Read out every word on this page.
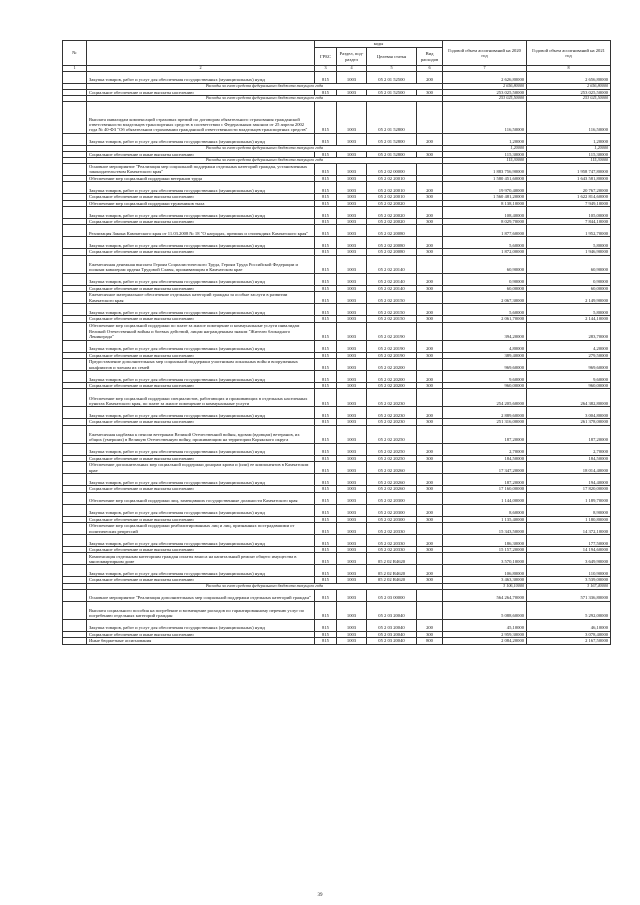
№		коды				Годовой объем ассигнований на 2020 год	Годовой объем ассигнований на 2021 год
		ГРБС	Раздел, под-раздел	Целевая статья	Вид расходов		
1	2	3	4	5	6	7	8
	Закупка товаров, работ и услуг для обеспечения государственных (муниципальных) нужд	815	1003	05 2 01 52500	200	2 626,80000	2 656,80000
	Расходы за счет средств федерального бюджета текущего года					2 656,80000	2 656,80000
	Социальное обеспечение и иные выплаты населению	815	1003	05 2 01 52500	300	253 025,50000	253 025,50000
	Расходы за счет средств федерального бюджета текущего года					253 025,50000	253 025,50000
	Выплата инвалидам компенсаций страховых премий по договорам обязательного страхования гражданской ответственности владельцев транспортных средств в соответствии с Федеральным законом от 25 апреля 2002 года № 40-ФЗ "Об обязательном страховании гражданской ответственности владельцев транспортных средств"	815	1003	05 2 01 52800		116,50000	116,50000
	Закупка товаров, работ и услуг для обеспечения государственных (муниципальных) нужд	815	1003	05 2 01 52800	200	1,20000	1,20000
	Расходы за счет средств федерального бюджета текущего года					1,20000	1,20000
	Социальное обеспечение и иные выплаты населению	815	1003	05 2 01 52800	300	115,30000	115,30000
	Расходы за счет средств федерального бюджета текущего года					115,30000	115,30000
	Основное мероприятие "Реализация мер социальной поддержки отдельных категорий граждан, установленных законодательством Камчатского края"	815	1003	05 2 02 00000		1 883 756,90000	1 958 747,80000
	Обеспечение мер социальной поддержки ветеранов труда	815	1003	05 2 02 20010		1 580 451,60000	1 643 581,80000
	Закупка товаров, работ и услуг для обеспечения государственных (муниципальных) нужд	815	1003	05 2 02 20010	200	19 970,40000	20 767,20000
	Социальное обеспечение и иные выплаты населению	815	1003	05 2 02 20010	300	1 560 481,20000	1 622 814,60000
	Обеспечение мер социальной поддержки тружеников тыла	815	1003	05 2 02 20020		8 138,10000	7 949,10000
	Закупка товаров, работ и услуг для обеспечения государственных (муниципальных) нужд	815	1003	05 2 02 20020	200	108,40000	105,00000
	Социальное обеспечение и иные выплаты населению	815	1003	05 2 02 20020	300	8 029,70000	7 844,10000
	Реализация Закона Камчатского края от 11.03.2008 № 18 "О наградах, премиях и стипендиях Камчатского края"	815	1003	05 2 02 20080		1 877,60000	1 952,70000
	Закупка товаров, работ и услуг для обеспечения государственных (муниципальных) нужд	815	1003	05 2 02 20080	200	5,60000	5,80000
	Социальное обеспечение и иные выплаты населению	815	1003	05 2 02 20080	300	1 872,00000	1 946,90000
	Ежемесячная денежная выплата Героям Социалистического Труда, Героям Труда Российской Федерации и полным кавалерам ордена Трудовой Славы, проживающим в Камчатском крае	815	1003	05 2 02 20140		60,90000	60,90000
	Закупка товаров, работ и услуг для обеспечения государственных (муниципальных) нужд	815	1003	05 2 02 20140	200	0,90000	0,90000
	Социальное обеспечение и иные выплаты населению	815	1003	05 2 02 20140	300	60,00000	60,00000
	Ежемесячное материальное обеспечение отдельных категорий граждан за особые заслуги в развитии Камчатского края	815	1003	05 2 02 20150		2 067,30000	2 149,90000
	Закупка товаров, работ и услуг для обеспечения государственных (муниципальных) нужд	815	1003	05 2 02 20150	200	5,60000	5,80000
	Социальное обеспечение и иные выплаты населению	815	1003	05 2 02 20150	300	2 061,70000	2 144,10000
	Обеспечение мер социальной поддержки по плате за жилое помещение и коммунальные услуги инвалидам Великой Отечественной войны и боевых действий, лицам награжденным знаком "Жителю блокадного Ленинграда"	815	1003	05 2 02 20190		394,20000	283,70000
	Закупка товаров, работ и услуг для обеспечения государственных (муниципальных) нужд	815	1003	05 2 02 20190	200	4,80000	4,20000
	Социальное обеспечение и иные выплаты населению	815	1003	05 2 02 20190	300	389,40000	279,50000
	Предоставление дополнительных мер социальной поддержки участникам локальных войн и вооруженных конфликтов и членам их семей	815	1003	05 2 02 20200		969,60000	969,60000
	Закупка товаров, работ и услуг для обеспечения государственных (муниципальных) нужд	815	1003	05 2 02 20200	200	9,60000	9,60000
	Социальное обеспечение и иные выплаты населению	815	1003	05 2 02 20200	300	960,00000	960,00000
	Обеспечение мер социальной поддержки специалистов, работающих и проживающих в отдельных населенных пунктах Камчатского края, по плате за жилое помещение и коммунальные услуги	815	1003	05 2 02 20230		254 205,60000	264 382,80000
	Закупка товаров, работ и услуг для обеспечения государственных (муниципальных) нужд	815	1003	05 2 02 20230	200	2 889,60000	3 004,80000
	Социальное обеспечение и иные выплаты населению	815	1003	05 2 02 20230	300	251 316,00000	261 378,00000
	Ежемесячная надбавка к пенсии ветеранам Великой Отечественной войны, вдовам (вдовцам) ветеранов, их общих (умерших) в Великую Отечественную войну, проживающим на территории Корякского округа	815	1003	05 2 02 20250		187,20000	187,20000
	Закупка товаров, работ и услуг для обеспечения государственных (муниципальных) нужд	815	1003	05 2 02 20250	200	2,70000	2,70000
	Социальное обеспечение и иные выплаты населению	815	1003	05 2 02 20250	300	184,50000	184,50000
	Обеспечение дополнительных мер социальной поддержки донорам крови и (или) ее компонентов в Камчатском крае	815	1003	05 2 02 20260		17 347,20000	18 014,40000
	Закупка товаров, работ и услуг для обеспечения государственных (муниципальных) нужд	815	1003	05 2 02 20260	200	187,20000	194,40000
	Социальное обеспечение и иные выплаты населению	815	1003	05 2 02 20260	300	17 160,00000	17 820,00000
	Обеспечение мер социальной поддержки лиц, замещавших государственные должности Камчатского края	815	1003	05 2 02 20300		1 144,00000	1 189,70000
	Закупка товаров, работ и услуг для обеспечения государственных (муниципальных) нужд	815	1003	05 2 02 20300	200	8,60000	8,90000
	Социальное обеспечение и иные выплаты населению	815	1003	05 2 02 20300	300	1 135,40000	1 180,80000
	Обеспечение мер социальной поддержки реабилитированных лиц и лиц, признанных пострадавшими от политических репрессий	815	1003	05 2 02 20330		15 343,50000	14 372,10000
	Закупка товаров, работ и услуг для обеспечения государственных (муниципальных) нужд	815	1003	05 2 02 20330	200	186,30000	177,50000
	Социальное обеспечение и иные выплаты населению	815	1003	05 2 02 20330	300	15 157,20000	14 194,60000
	Компенсация отдельным категориям граждан оплаты взноса на капитальный ремонт общего имущества в многоквартирном доме	815	1003	05 2 02 R4620		3 570,10000	3 649,90000
	Закупка товаров, работ и услуг для обеспечения государственных (муниципальных) нужд	815	1003	05 2 02 R4620	200	106,80000	110,90000
	Социальное обеспечение и иные выплаты населению	815	1003	05 2 02 R4620	300	3 463,30000	3 539,00000
	Расходы за счет средств федерального бюджета текущего года					3 106,10000	3 167,40000
	Основное мероприятие "Реализация дополнительных мер социальной поддержки отдельных категорий граждан"	815	1003	05 2 03 00000		564 264,70000	571 336,80000
	Выплата социального пособия на погребение и возмещение расходов по гарантированному перечню услуг по погребению отдельных категорий граждан	815	1003	05 2 03 20040		5 088,60000	5 292,00000
	Закупка товаров, работ и услуг для обеспечения государственных (муниципальных) нужд	815	1003	05 2 03 20040	200	45,10000	46,10000
	Социальное обеспечение и иные выплаты населению	815	1003	05 2 03 20040	300	2 959,30000	3 078,40000
	Иные бюджетные ассигнования	815	1003	05 2 03 20040	800	2 084,20000	2 167,50000
39
